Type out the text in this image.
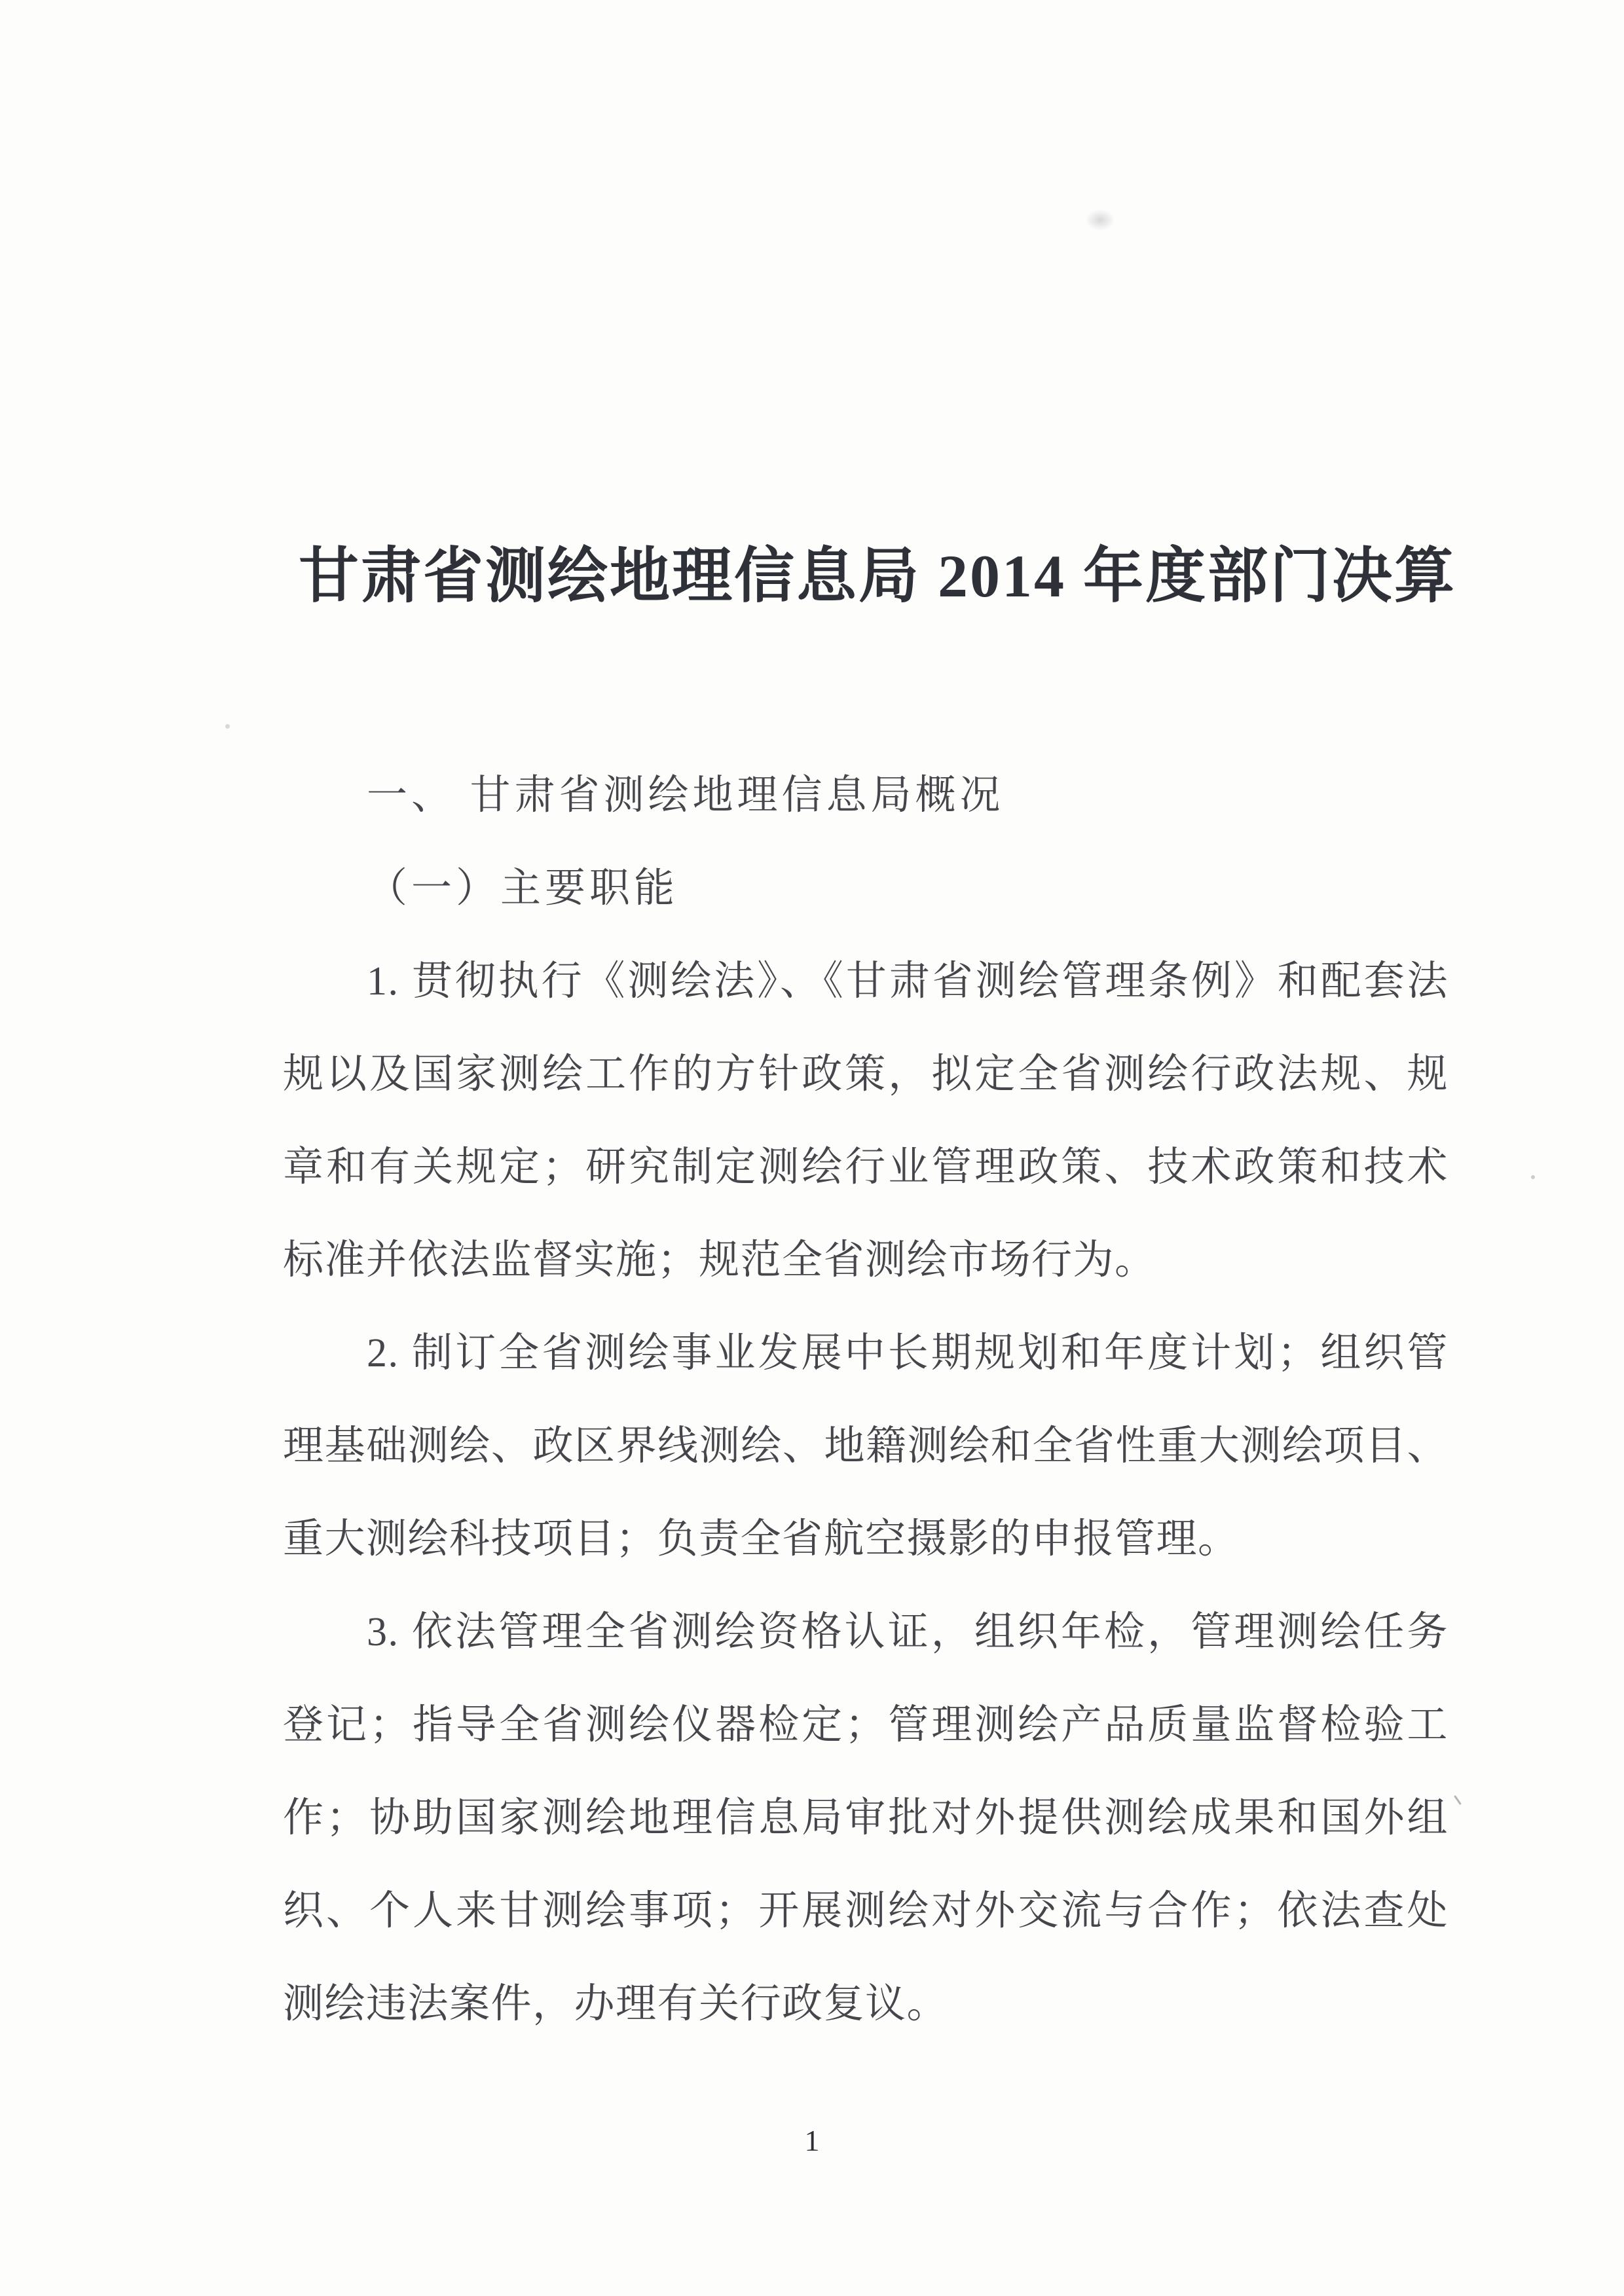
甘肃省测绘地理信息局 2014 年度部门决算
一、 甘肃省测绘地理信息局概况
（一）主要职能
1. 贯彻执行《测绘法》、《甘肃省测绘管理条例》和配套法
规以及国家测绘工作的方针政策，拟定全省测绘行政法规、规
章和有关规定；研究制定测绘行业管理政策、技术政策和技术
标准并依法监督实施；规范全省测绘市场行为。
2. 制订全省测绘事业发展中长期规划和年度计划；组织管
理基础测绘、政区界线测绘、地籍测绘和全省性重大测绘项目、
重大测绘科技项目；负责全省航空摄影的申报管理。
3. 依法管理全省测绘资格认证，组织年检，管理测绘任务
登记；指导全省测绘仪器检定；管理测绘产品质量监督检验工
作；协助国家测绘地理信息局审批对外提供测绘成果和国外组
织、个人来甘测绘事项；开展测绘对外交流与合作；依法查处
测绘违法案件，办理有关行政复议。
1
